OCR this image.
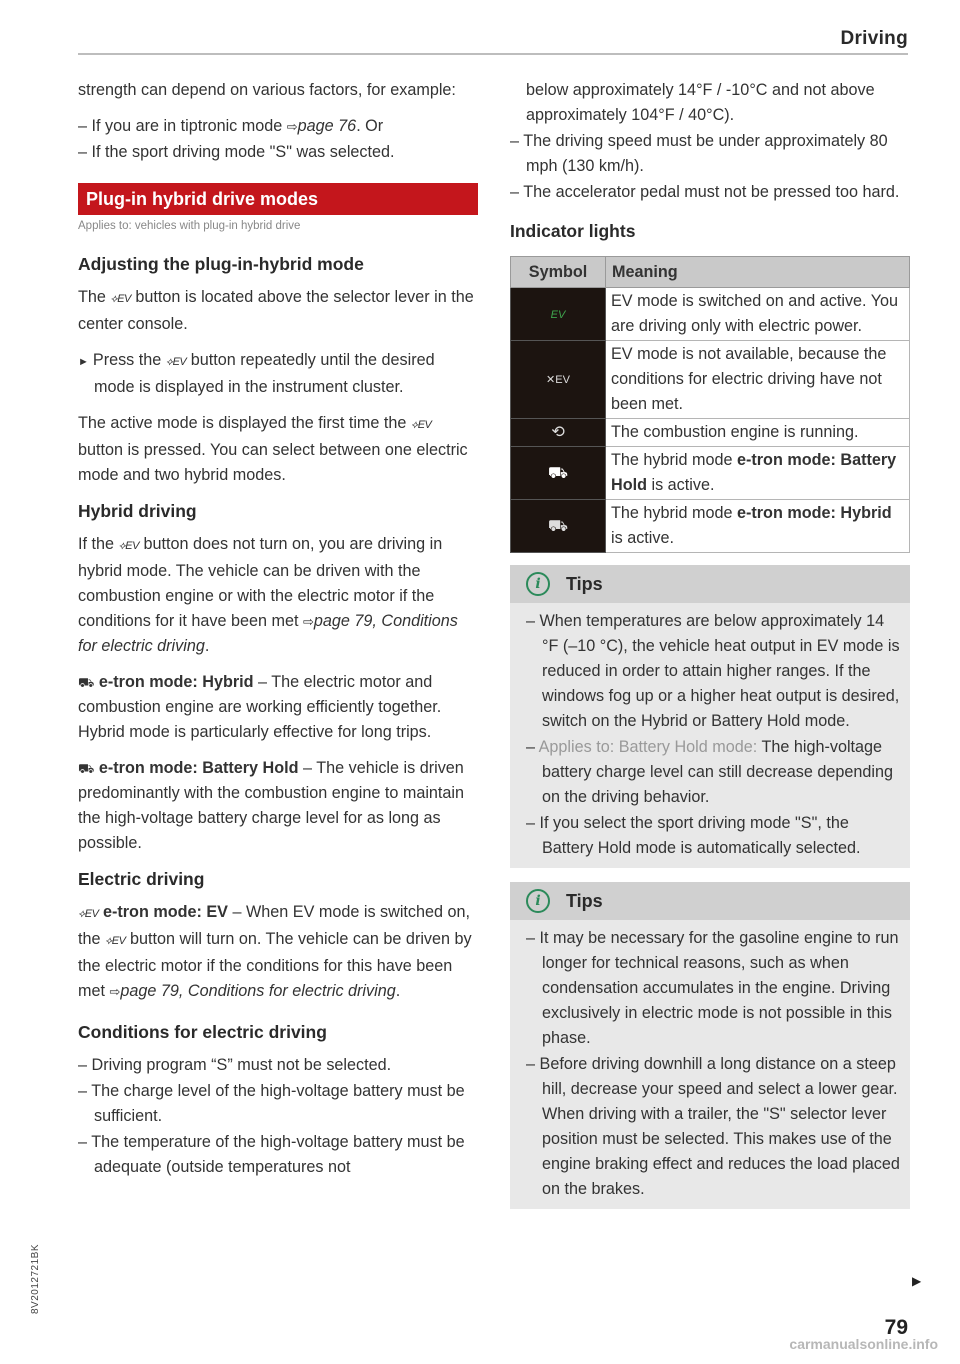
Driving

strength can depend on various factors, for example:

– If you are in tiptronic mode ⇨page 76. Or
– If the sport driving mode "S" was selected.
Plug-in hybrid drive modes
Applies to: vehicles with plug-in hybrid drive
Adjusting the plug-in-hybrid mode

The ⟡EV button is located above the selector lever in the center console.

► Press the ⟡EV button repeatedly until the desired mode is displayed in the instrument cluster.

The active mode is displayed the first time the ⟡EV button is pressed. You can select between one electric mode and two hybrid modes.

Hybrid driving

If the ⟡EV button does not turn on, you are driving in hybrid mode. The vehicle can be driven with the combustion engine or with the electric motor if the conditions for it have been met ⇨page 79, Conditions for electric driving.

⛟ e-tron mode: Hybrid – The electric motor and combustion engine are working efficiently together. Hybrid mode is particularly effective for long trips.

⛟ e-tron mode: Battery Hold – The vehicle is driven predominantly with the combustion engine to maintain the high-voltage battery charge level for as long as possible.

Electric driving

⟡EV e-tron mode: EV – When EV mode is switched on, the ⟡EV button will turn on. The vehicle can be driven by the electric motor if the conditions for this have been met ⇨page 79, Conditions for electric driving.

Conditions for electric driving
– Driving program “S” must not be selected.
– The charge level of the high-voltage battery must be sufficient.
– The temperature of the high-voltage battery must be adequate (outside temperatures not

below approximately 14°F / -10°C and not above approximately 104°F / 40°C).

– The driving speed must be under approximately 80 mph (130 km/h).
– The accelerator pedal must not be pressed too hard.
Indicator lights
Symbol	Meaning
EV	EV mode is switched on and active. You are driving only with electric power.
✕EV	EV mode is not available, because the conditions for electric driving have not been met.
⟲	The combustion engine is running.
⛟	The hybrid mode e-tron mode: Battery Hold is active.
⛟	The hybrid mode e-tron mode: Hybrid is active.
i	Tips
– When temperatures are below approximately 14 °F (–10 °C), the vehicle heat output in EV mode is reduced in order to attain higher ranges. If the windows fog up or a higher heat output is desired, switch on the Hybrid or Battery Hold mode.
– Applies to: Battery Hold mode: The high-voltage battery charge level can still decrease depending on the driving behavior.
– If you select the sport driving mode "S", the Battery Hold mode is automatically selected.
i	Tips
– It may be necessary for the gasoline engine to run longer for technical reasons, such as when condensation accumulates in the engine. Driving exclusively in electric mode is not possible in this phase.
– Before driving downhill a long distance on a steep hill, decrease your speed and select a lower gear. When driving with a trailer, the "S" selector lever position must be selected. This makes use of the engine braking effect and reduces the load placed on the brakes.
▶
79
8V2012721BK
carmanualsonline.info
